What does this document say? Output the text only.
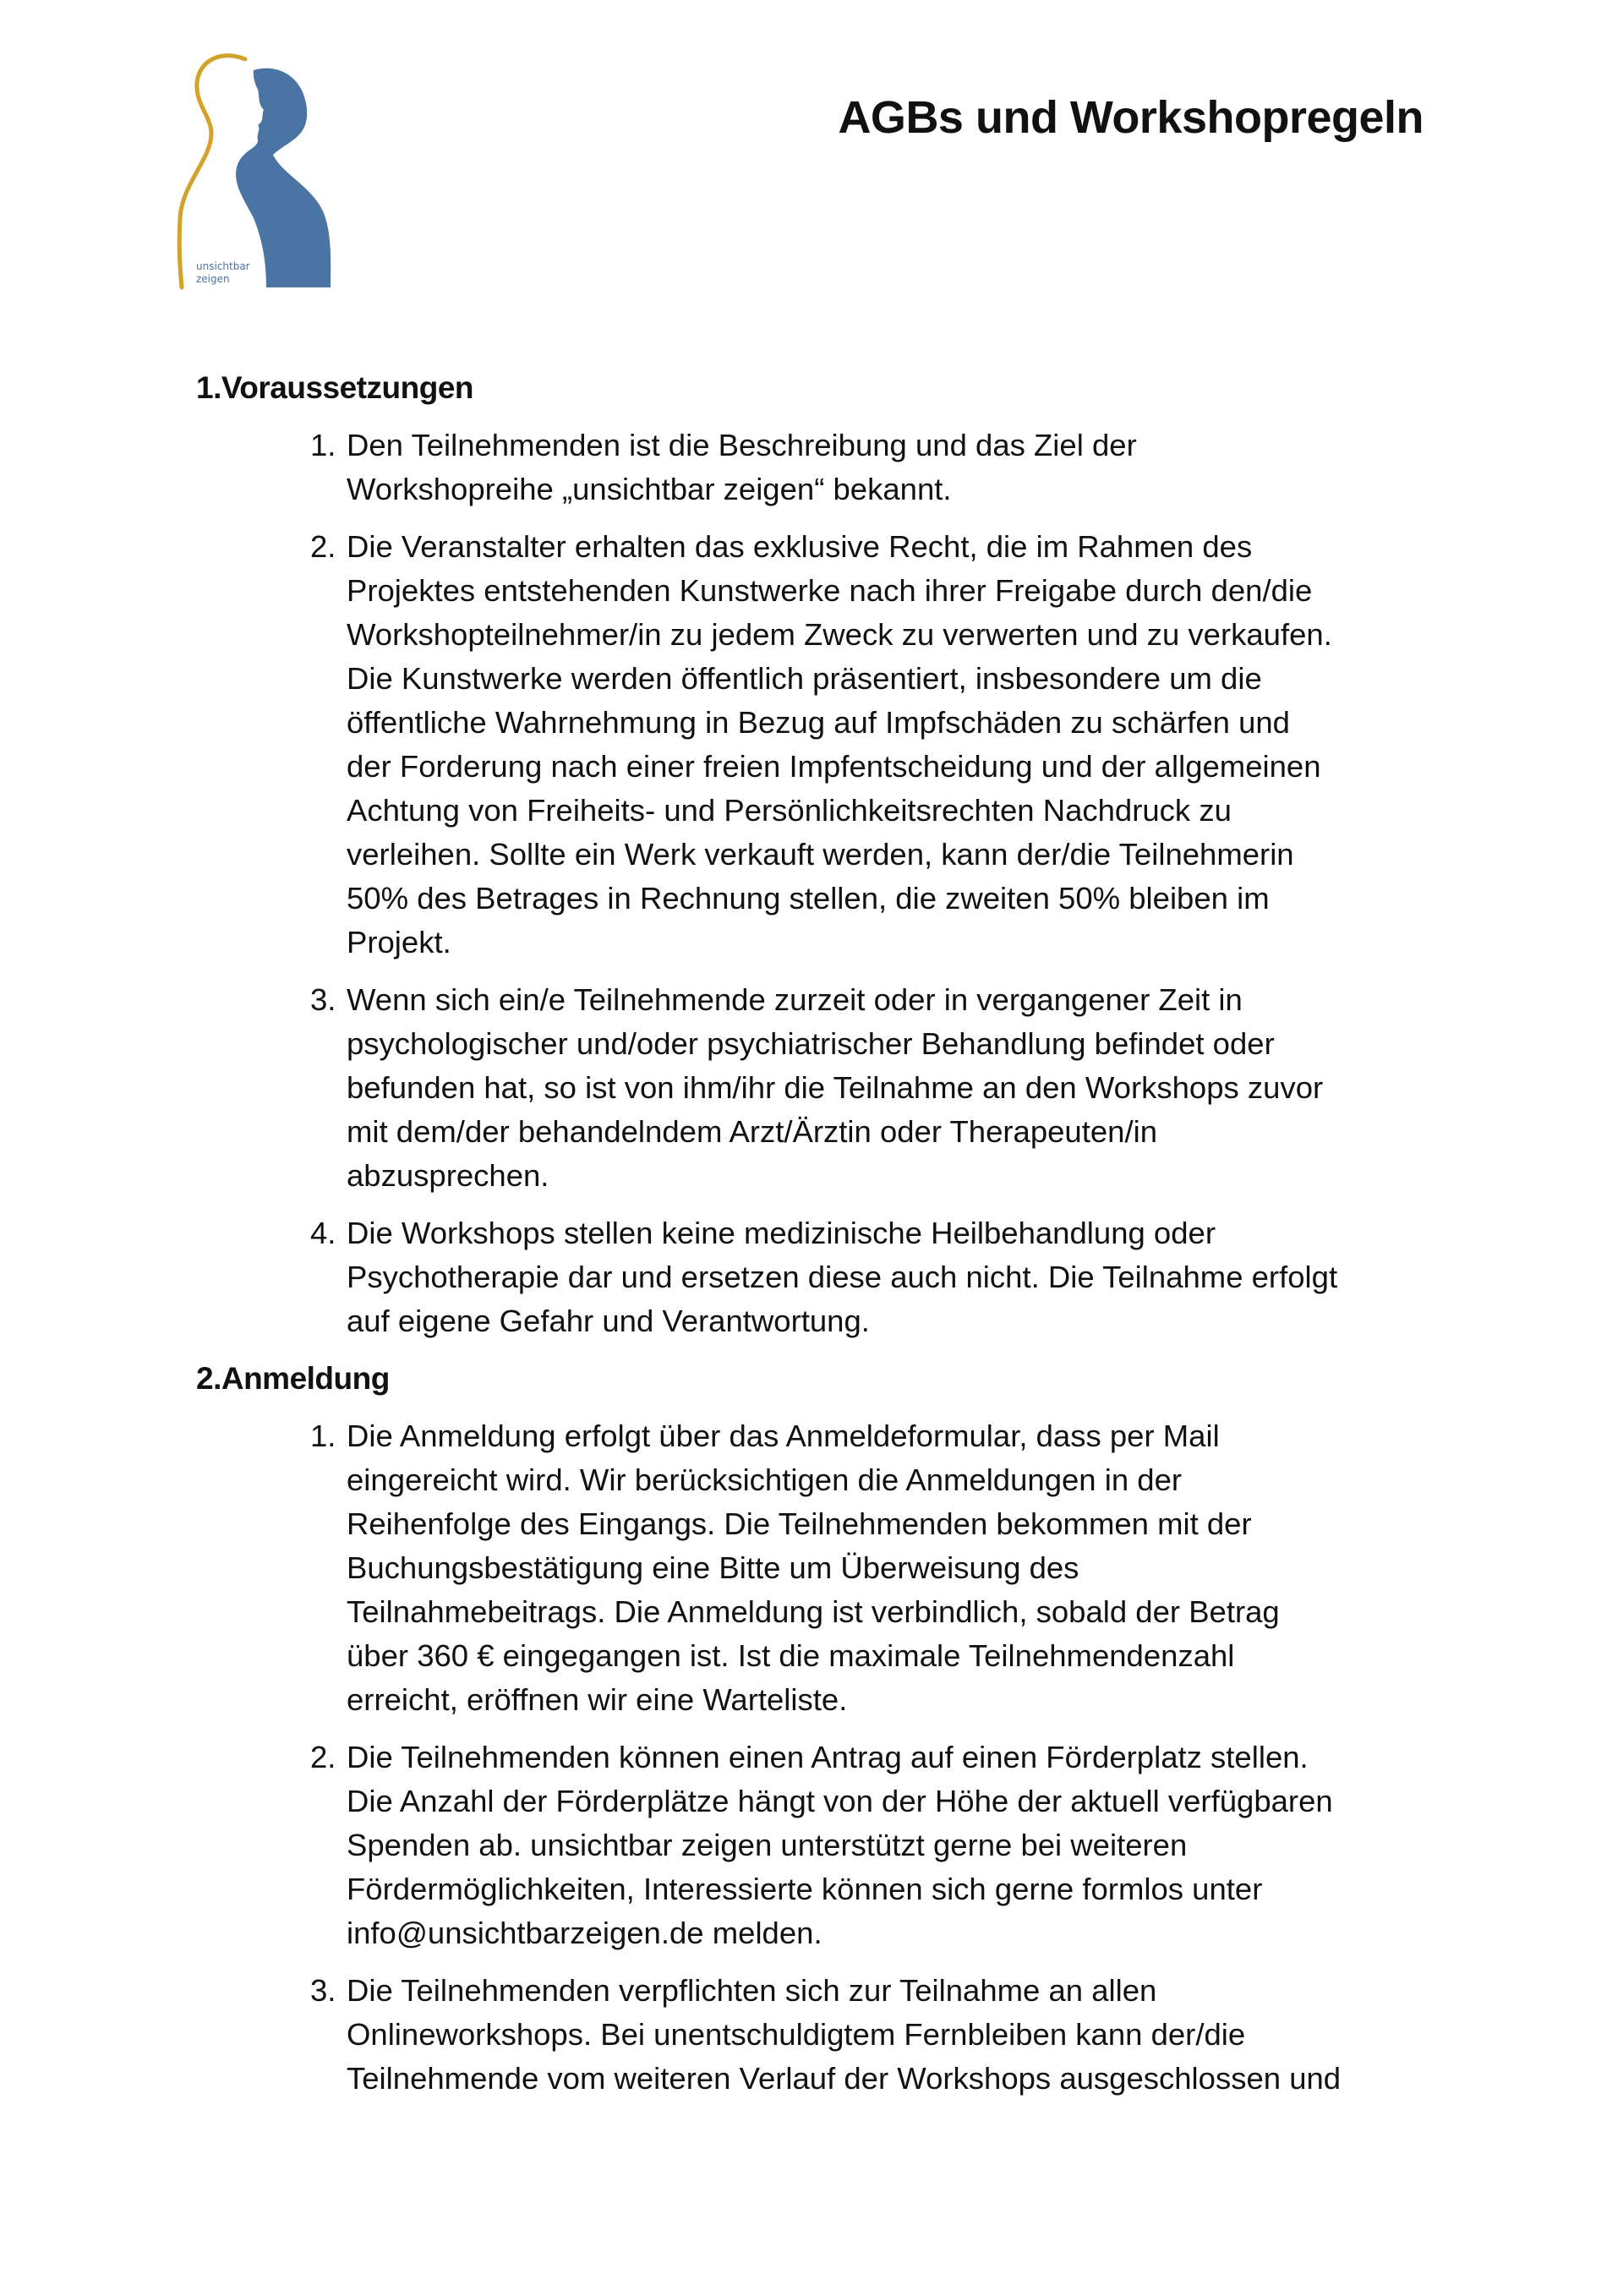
unsichtbar
zeigen
AGBs und Workshopregeln
1.Voraussetzungen
1. Den Teilnehmenden ist die Beschreibung und das Ziel der
Workshopreihe „unsichtbar zeigen“ bekannt.
2. Die Veranstalter erhalten das exklusive Recht, die im Rahmen des
Projektes entstehenden Kunstwerke nach ihrer Freigabe durch den/die
Workshopteilnehmer/in zu jedem Zweck zu verwerten und zu verkaufen.
Die Kunstwerke werden öffentlich präsentiert, insbesondere um die
öffentliche Wahrnehmung in Bezug auf Impfschäden zu schärfen und
der Forderung nach einer freien Impfentscheidung und der allgemeinen
Achtung von Freiheits- und Persönlichkeitsrechten Nachdruck zu
verleihen. Sollte ein Werk verkauft werden, kann der/die Teilnehmerin
50% des Betrages in Rechnung stellen, die zweiten 50% bleiben im
Projekt.
3. Wenn sich ein/e Teilnehmende zurzeit oder in vergangener Zeit in
psychologischer und/oder psychiatrischer Behandlung befindet oder
befunden hat, so ist von ihm/ihr die Teilnahme an den Workshops zuvor
mit dem/der behandelndem Arzt/Ärztin oder Therapeuten/in
abzusprechen.
4. Die Workshops stellen keine medizinische Heilbehandlung oder
Psychotherapie dar und ersetzen diese auch nicht. Die Teilnahme erfolgt
auf eigene Gefahr und Verantwortung.
2.Anmeldung
1. Die Anmeldung erfolgt über das Anmeldeformular, dass per Mail
eingereicht wird. Wir berücksichtigen die Anmeldungen in der
Reihenfolge des Eingangs. Die Teilnehmenden bekommen mit der
Buchungsbestätigung eine Bitte um Überweisung des
Teilnahmebeitrags. Die Anmeldung ist verbindlich, sobald der Betrag
über 360 € eingegangen ist. Ist die maximale Teilnehmendenzahl
erreicht, eröffnen wir eine Warteliste.
2. Die Teilnehmenden können einen Antrag auf einen Förderplatz stellen.
Die Anzahl der Förderplätze hängt von der Höhe der aktuell verfügbaren
Spenden ab. unsichtbar zeigen unterstützt gerne bei weiteren
Fördermöglichkeiten, Interessierte können sich gerne formlos unter
info@unsichtbarzeigen.de melden.
3. Die Teilnehmenden verpflichten sich zur Teilnahme an allen
Onlineworkshops. Bei unentschuldigtem Fernbleiben kann der/die
Teilnehmende vom weiteren Verlauf der Workshops ausgeschlossen und
